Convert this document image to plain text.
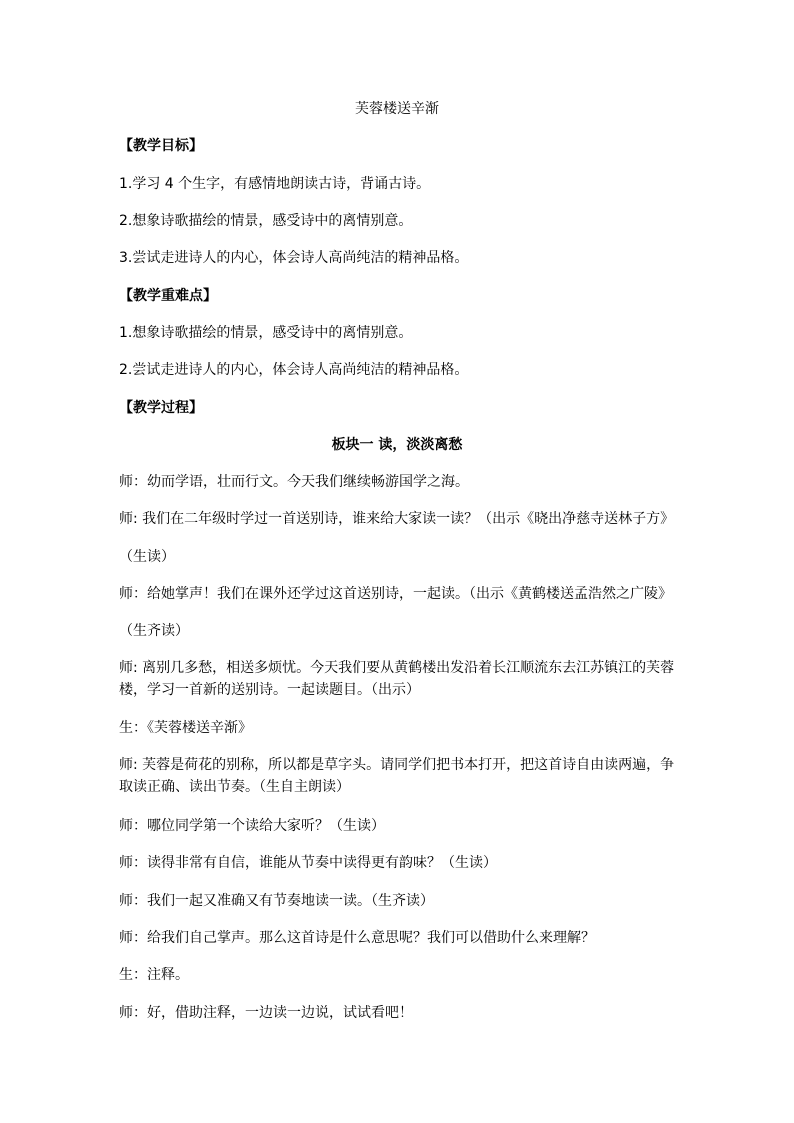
芙蓉楼送辛渐
【教学目标】
1.学习 4 个生字，有感情地朗读古诗，背诵古诗。
2.想象诗歌描绘的情景，感受诗中的离情别意。
3.尝试走进诗人的内心，体会诗人高尚纯洁的精神品格。
【教学重难点】
1.想象诗歌描绘的情景，感受诗中的离情别意。
2.尝试走进诗人的内心，体会诗人高尚纯洁的精神品格。
【教学过程】
板块一 读，淡淡离愁
师：幼而学语，壮而行文。今天我们继续畅游国学之海。
师: 我们在二年级时学过一首送别诗，谁来给大家读一读？（出示《晓出净慈寺送林子方》
（生读）
师：给她掌声！我们在课外还学过这首送别诗，一起读。（出示《黄鹤楼送孟浩然之广陵》
（生齐读）
师: 离别几多愁，相送多烦忧。今天我们要从黄鹤楼出发沿着长江顺流东去江苏镇江的芙蓉楼，学习一首新的送别诗。一起读题目。（出示）
生：《芙蓉楼送辛渐》
师: 芙蓉是荷花的别称，所以都是草字头。请同学们把书本打开，把这首诗自由读两遍，争取读正确、读出节奏。（生自主朗读）
师：哪位同学第一个读给大家听？（生读）
师：读得非常有自信，谁能从节奏中读得更有韵味？（生读）
师：我们一起又准确又有节奏地读一读。（生齐读）
师：给我们自己掌声。那么这首诗是什么意思呢？我们可以借助什么来理解？
生：注释。
师：好，借助注释，一边读一边说，试试看吧！
